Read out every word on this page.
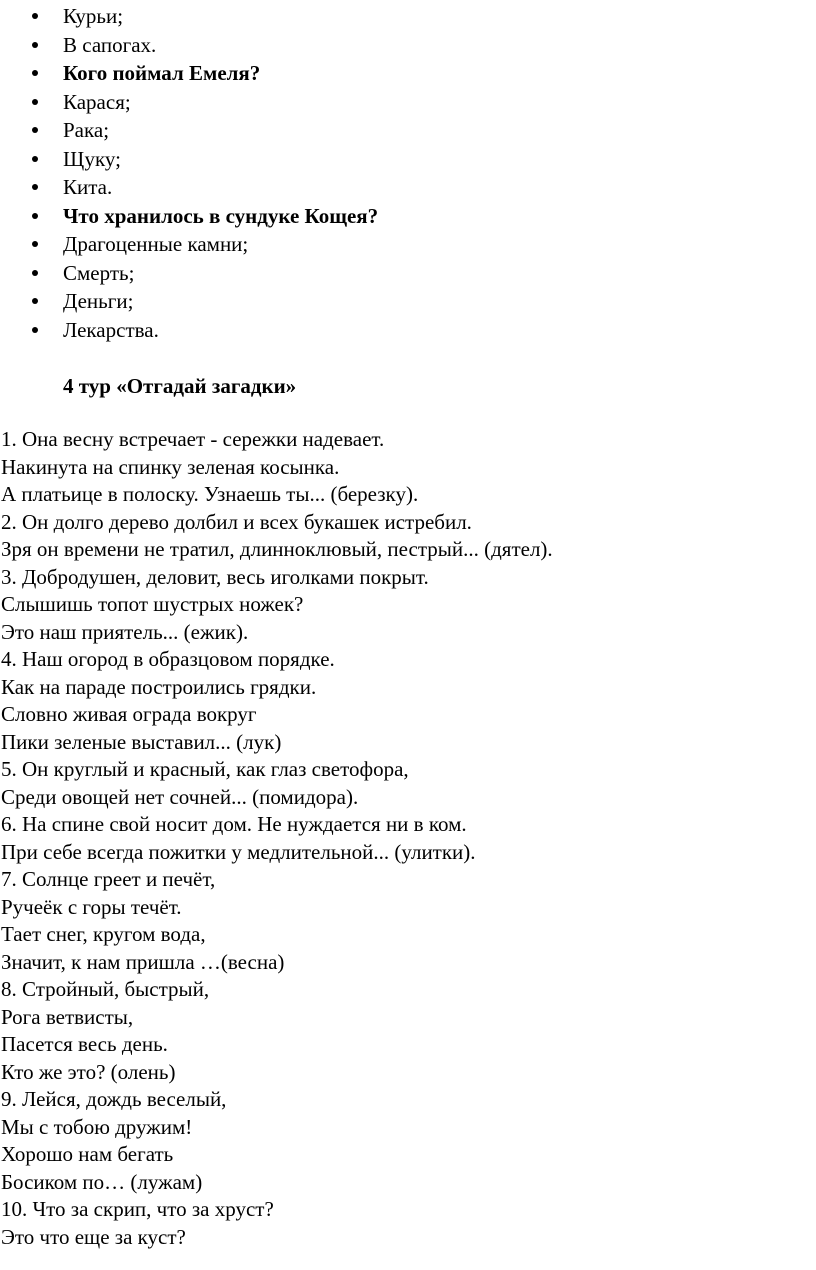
Курьи;
В сапогах.
Кого поймал Емеля?
Карася;
Рака;
Щуку;
Кита.
Что хранилось в сундуке Кощея?
Драгоценные камни;
Смерть;
Деньги;
Лекарства.
4 тур «Отгадай загадки»
1. Она весну встречает - сережки надевает.
Накинута на спинку зеленая косынка.
А платьице в полоску. Узнаешь ты... (березку).
2. Он долго дерево долбил и всех букашек истребил.
Зря он времени не тратил, длинноклювый, пестрый... (дятел).
3. Добродушен, деловит, весь иголками покрыт.
Слышишь топот шустрых ножек?
Это наш приятель... (ежик).
4. Наш огород в образцовом порядке.
Как на параде построились грядки.
Словно живая ограда вокруг
Пики зеленые выставил... (лук)
5. Он круглый и красный, как глаз светофора,
Среди овощей нет сочней... (помидора).
6. На спине свой носит дом. Не нуждается ни в ком.
При себе всегда пожитки у медлительной... (улитки).
7. Солнце греет и печёт,
Ручеёк с горы течёт.
Тает снег, кругом вода,
Значит, к нам пришла …(весна)
8. Стройный, быстрый,
Рога ветвисты,
Пасется весь день.
Кто же это? (олень)
9. Лейся, дождь веселый,
Мы с тобою дружим!
Хорошо нам бегать
Босиком по… (лужам)
10. Что за скрип, что за хруст?
Это что еще за куст?
